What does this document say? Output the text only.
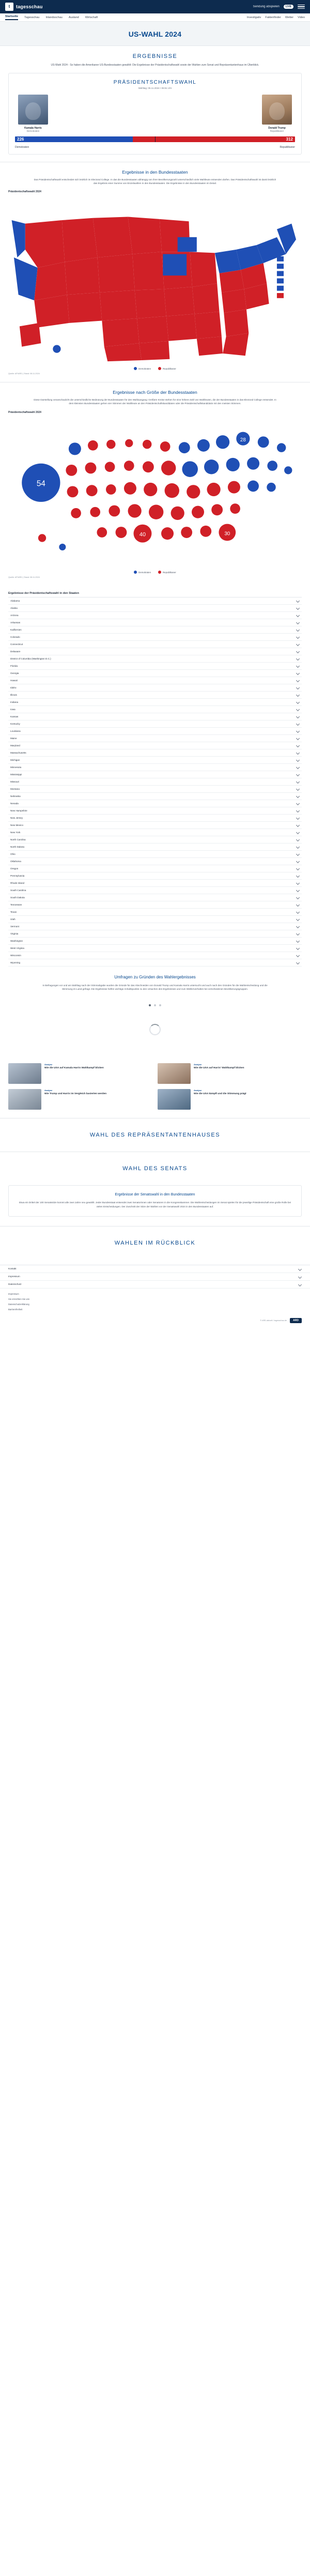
t tagesschau	Sendung abspielen	LIVE
Startseite Tagesschau Inlandsschau Ausland Wirtschaft	Investigativ Faktenfinder Wetter Video
US-WAHL 2024
ERGEBNISSE

US-Wahl 2024 - So haben die Amerikaner US-Bundesstaaten gewählt: Die Ergebnisse der Präsidentschaftswahl sowie der Wahlen zum Senat und Repräsentantenhaus im Überblick.

PRÄSIDENTSCHAFTSWAHL
Wahltag: 05.11.2024 • 06:51 Uhr
Kamala Harris
Demokraten
Donald Trump
Republikaner
226	312
Demokraten	Republikaner
Ergebnisse in den Bundesstaaten

Das Präsidentschaftswahl entscheidet sich letztlich im Electoral College. In das die Bundesstaaten abhängig von ihrer Bevölkerungszahl unterschiedlich viele Wahlleute entsenden dürfen. Das Präsidentschaftswahl ist damit letztlich das Ergebnis einer Summe von Einzelwahlen in den Bundesstaaten. Die Ergebnisse in den Bundesstaaten im Detail.

Präsidentschaftswahl 2024
Demokraten	Republikaner
Quelle: AP/ARD | Stand: 08.11.2024
Ergebnisse nach Größe der Bundesstaaten

Diese Darstellung veranschaulicht die unterschiedliche Bedeutung der Bundesstaaten für den Wahlausgang: Größere Kreise stehen für eine höhere Zahl von Wahlleuten, die der Bundesstaaten in das Electoral College entsendet. In dem kleinsten Bundesstaaten gehen vier Stimmen der Wahlleute an den Präsidentschaftskandidaten oder die Präsidentschaftskandidatin mit den meisten Stimmen.

Präsidentschaftswahl 2024
54
28
40	30
Demokraten	Republikaner
Quelle: AP/ARD | Stand: 08.11.2024
Ergebnisse der Präsidentschaftswahl in den Staaten
Alabama
Alaska
Arizona
Arkansas
Kalifornien
Colorado
Connecticut
Delaware
District of Columbia (Washington D.C.)
Florida
Georgia
Hawaii
Idaho
Illinois
Indiana
Iowa
Kansas
Kentucky
Louisiana
Maine
Maryland
Massachusetts
Michigan
Minnesota
Mississippi
Missouri
Montana
Nebraska
Nevada
New Hampshire
New Jersey
New Mexico
New York
North Carolina
North Dakota
Ohio
Oklahoma
Oregon
Pennsylvania
Rhode Island
South Carolina
South Dakota
Tennessee
Texas
Utah
Vermont
Virginia
Washington
West Virginia
Wisconsin
Wyoming
Umfragen zu Gründen des Wahlergebnisses

In Befragungen vor und am Wahltag nach der Stimmabgabe wurden die Gründe für das Abschneiden von Donald Trump und Kamala Harris untersucht und auch nach den Gründen für die Wahlentscheidung und die Stimmung im Land gefragt. Die Ergebnisse helfen wichtige Anhaltspunkte zu den Ursachen des Ergebnisses und zum Wählerverhalten bei verschiedenen Bevölkerungsgruppen.

Analyse
Wie die USA auf Kamala Harris Wahlkampf blicken
Analyse
Wie die USA auf Harris' Wahlkampf blicken
Analyse
Wie Trump und Harris im Vergleich basierten werden
Analyse
Wie die USA kämpft und die Stimmung prägt
WAHL DES REPRÄSENTANTENHAUSES
WAHL DES SENATS
Ergebnisse der Senatswahl in den Bundesstaaten

Etwa ein Drittel der 100 Senatssitze kommt alle zwei Jahre neu gewählt. Jeder Bundesstaat entsendet zwei Senatorinnen oder Senatoren in die Kongresskammer. Die Wahlentscheidungen im Senat spielen für die jeweilige Präsidentschaft eine große Rolle bei vielen Entscheidungen. Der Zuschnitt der Sitze der Wahlen vor der Senatswahl 2024 in den Bundesstaaten auf.

WAHLEN IM RÜCKBLICK
Kontakt
Impressum
Datenschutz
Impressum
Sie erreichten Sie uns
Datenschutzerklärung
Barrierefreiheit
© ARD-aktuell / tagesschau.de	ARD
